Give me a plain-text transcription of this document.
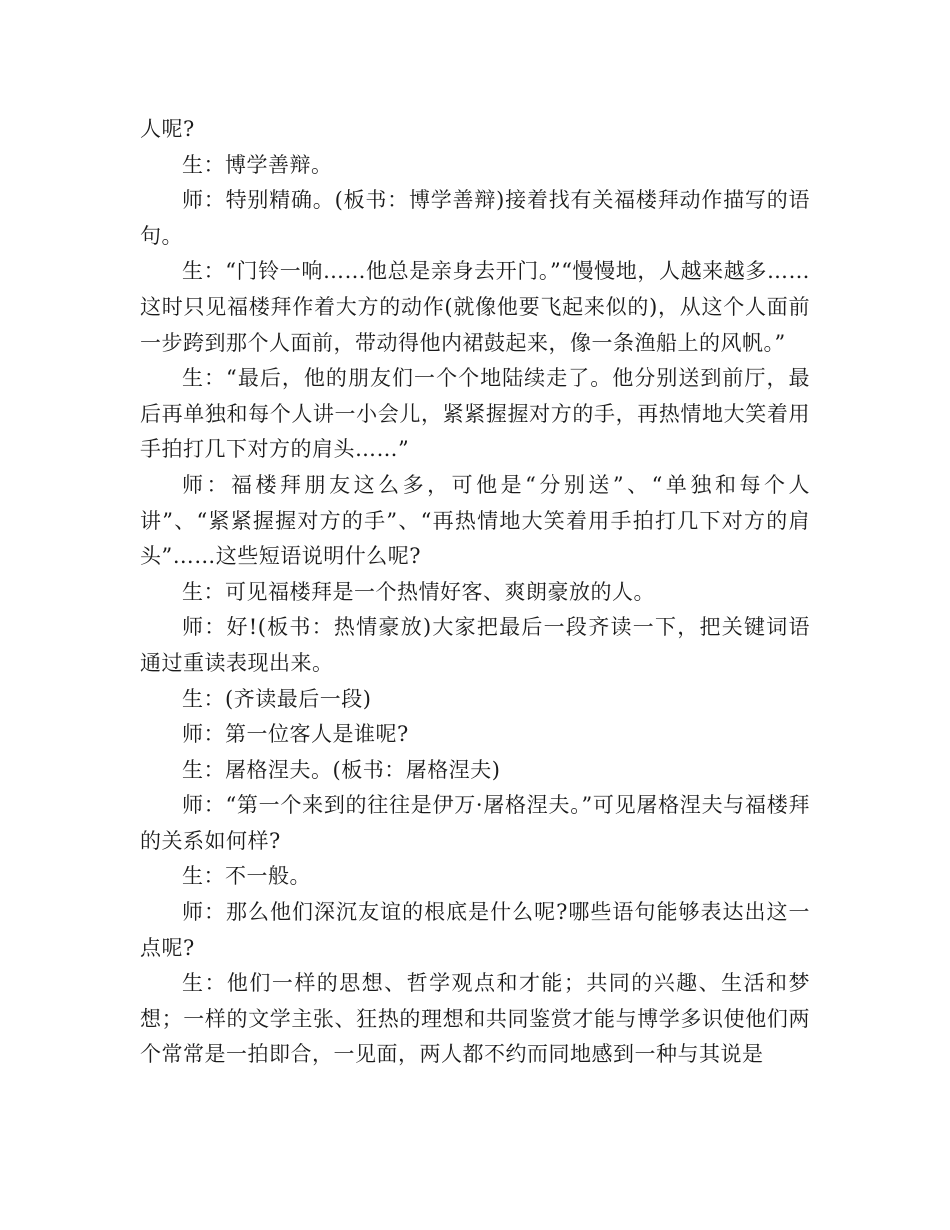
人呢?

生：博学善辩。

师：特别精确。(板书：博学善辩)接着找有关福楼拜动作描写的语句。

生：“门铃一响……他总是亲身去开门。”“慢慢地，人越来越多……这时只见福楼拜作着大方的动作(就像他要飞起来似的)，从这个人面前一步跨到那个人面前，带动得他内裙鼓起来，像一条渔船上的风帆。”

生：“最后，他的朋友们一个个地陆续走了。他分别送到前厅，最后再单独和每个人讲一小会儿，紧紧握握对方的手，再热情地大笑着用手拍打几下对方的肩头……”

师：福楼拜朋友这么多，可他是“分别送”、“单独和每个人讲”、“紧紧握握对方的手”、“再热情地大笑着用手拍打几下对方的肩头”……这些短语说明什么呢?

生：可见福楼拜是一个热情好客、爽朗豪放的人。

师：好!(板书：热情豪放)大家把最后一段齐读一下，把关键词语通过重读表现出来。

生：(齐读最后一段)

师：第一位客人是谁呢?

生：屠格涅夫。(板书：屠格涅夫)

师：“第一个来到的往往是伊万·屠格涅夫。”可见屠格涅夫与福楼拜的关系如何样?

生：不一般。

师：那么他们深沉友谊的根底是什么呢?哪些语句能够表达出这一点呢?

生：他们一样的思想、哲学观点和才能；共同的兴趣、生活和梦想；一样的文学主张、狂热的理想和共同鉴赏才能与博学多识使他们两个常常是一拍即合，一见面，两人都不约而同地感到一种与其说是
